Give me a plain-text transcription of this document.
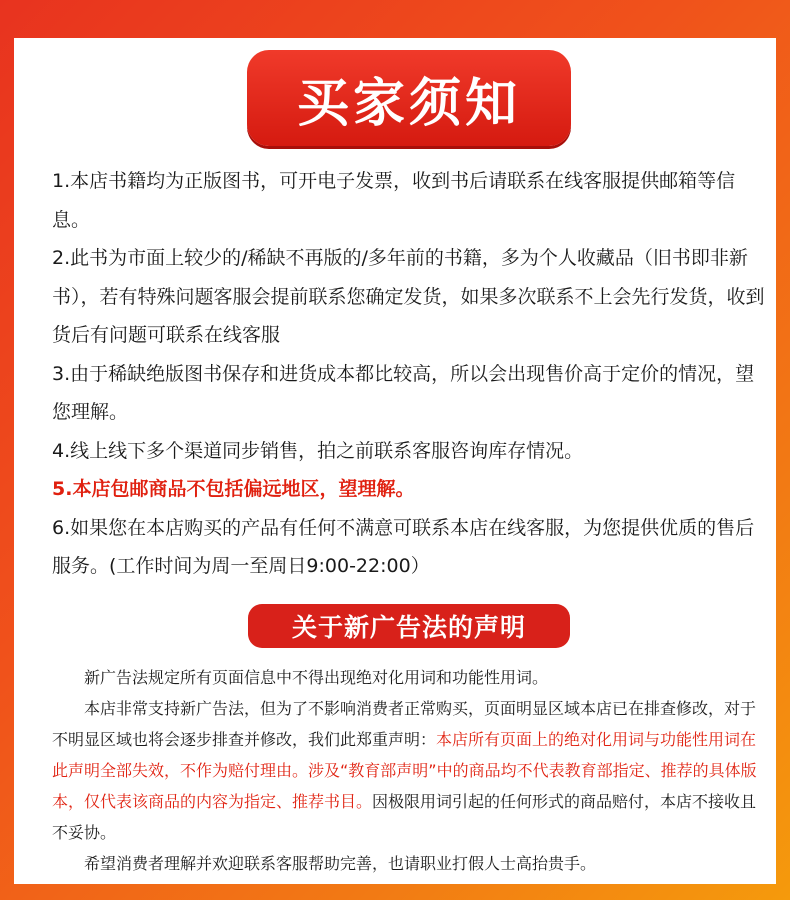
买家须知

1.本店书籍均为正版图书，可开电子发票，收到书后请联系在线客服提供邮箱等信息。

2.此书为市面上较少的/稀缺不再版的/多年前的书籍，多为个人收藏品（旧书即非新书），若有特殊问题客服会提前联系您确定发货，如果多次联系不上会先行发货，收到货后有问题可联系在线客服

3.由于稀缺绝版图书保存和进货成本都比较高，所以会出现售价高于定价的情况，望您理解。

4.线上线下多个渠道同步销售，拍之前联系客服咨询库存情况。

5.本店包邮商品不包括偏远地区，望理解。

6.如果您在本店购买的产品有任何不满意可联系本店在线客服，为您提供优质的售后服务。(工作时间为周一至周日9:00-22:00）

关于新广告法的声明

新广告法规定所有页面信息中不得出现绝对化用词和功能性用词。

本店非常支持新广告法，但为了不影响消费者正常购买，页面明显区域本店已在排查修改，对于不明显区域也将会逐步排查并修改，我们此郑重声明：本店所有页面上的绝对化用词与功能性用词在此声明全部失效，不作为赔付理由。涉及“教育部声明”中的商品均不代表教育部指定、推荐的具体版本，仅代表该商品的内容为指定、推荐书目。因极限用词引起的任何形式的商品赔付，本店不接收且不妥协。

希望消费者理解并欢迎联系客服帮助完善，也请职业打假人士高抬贵手。
